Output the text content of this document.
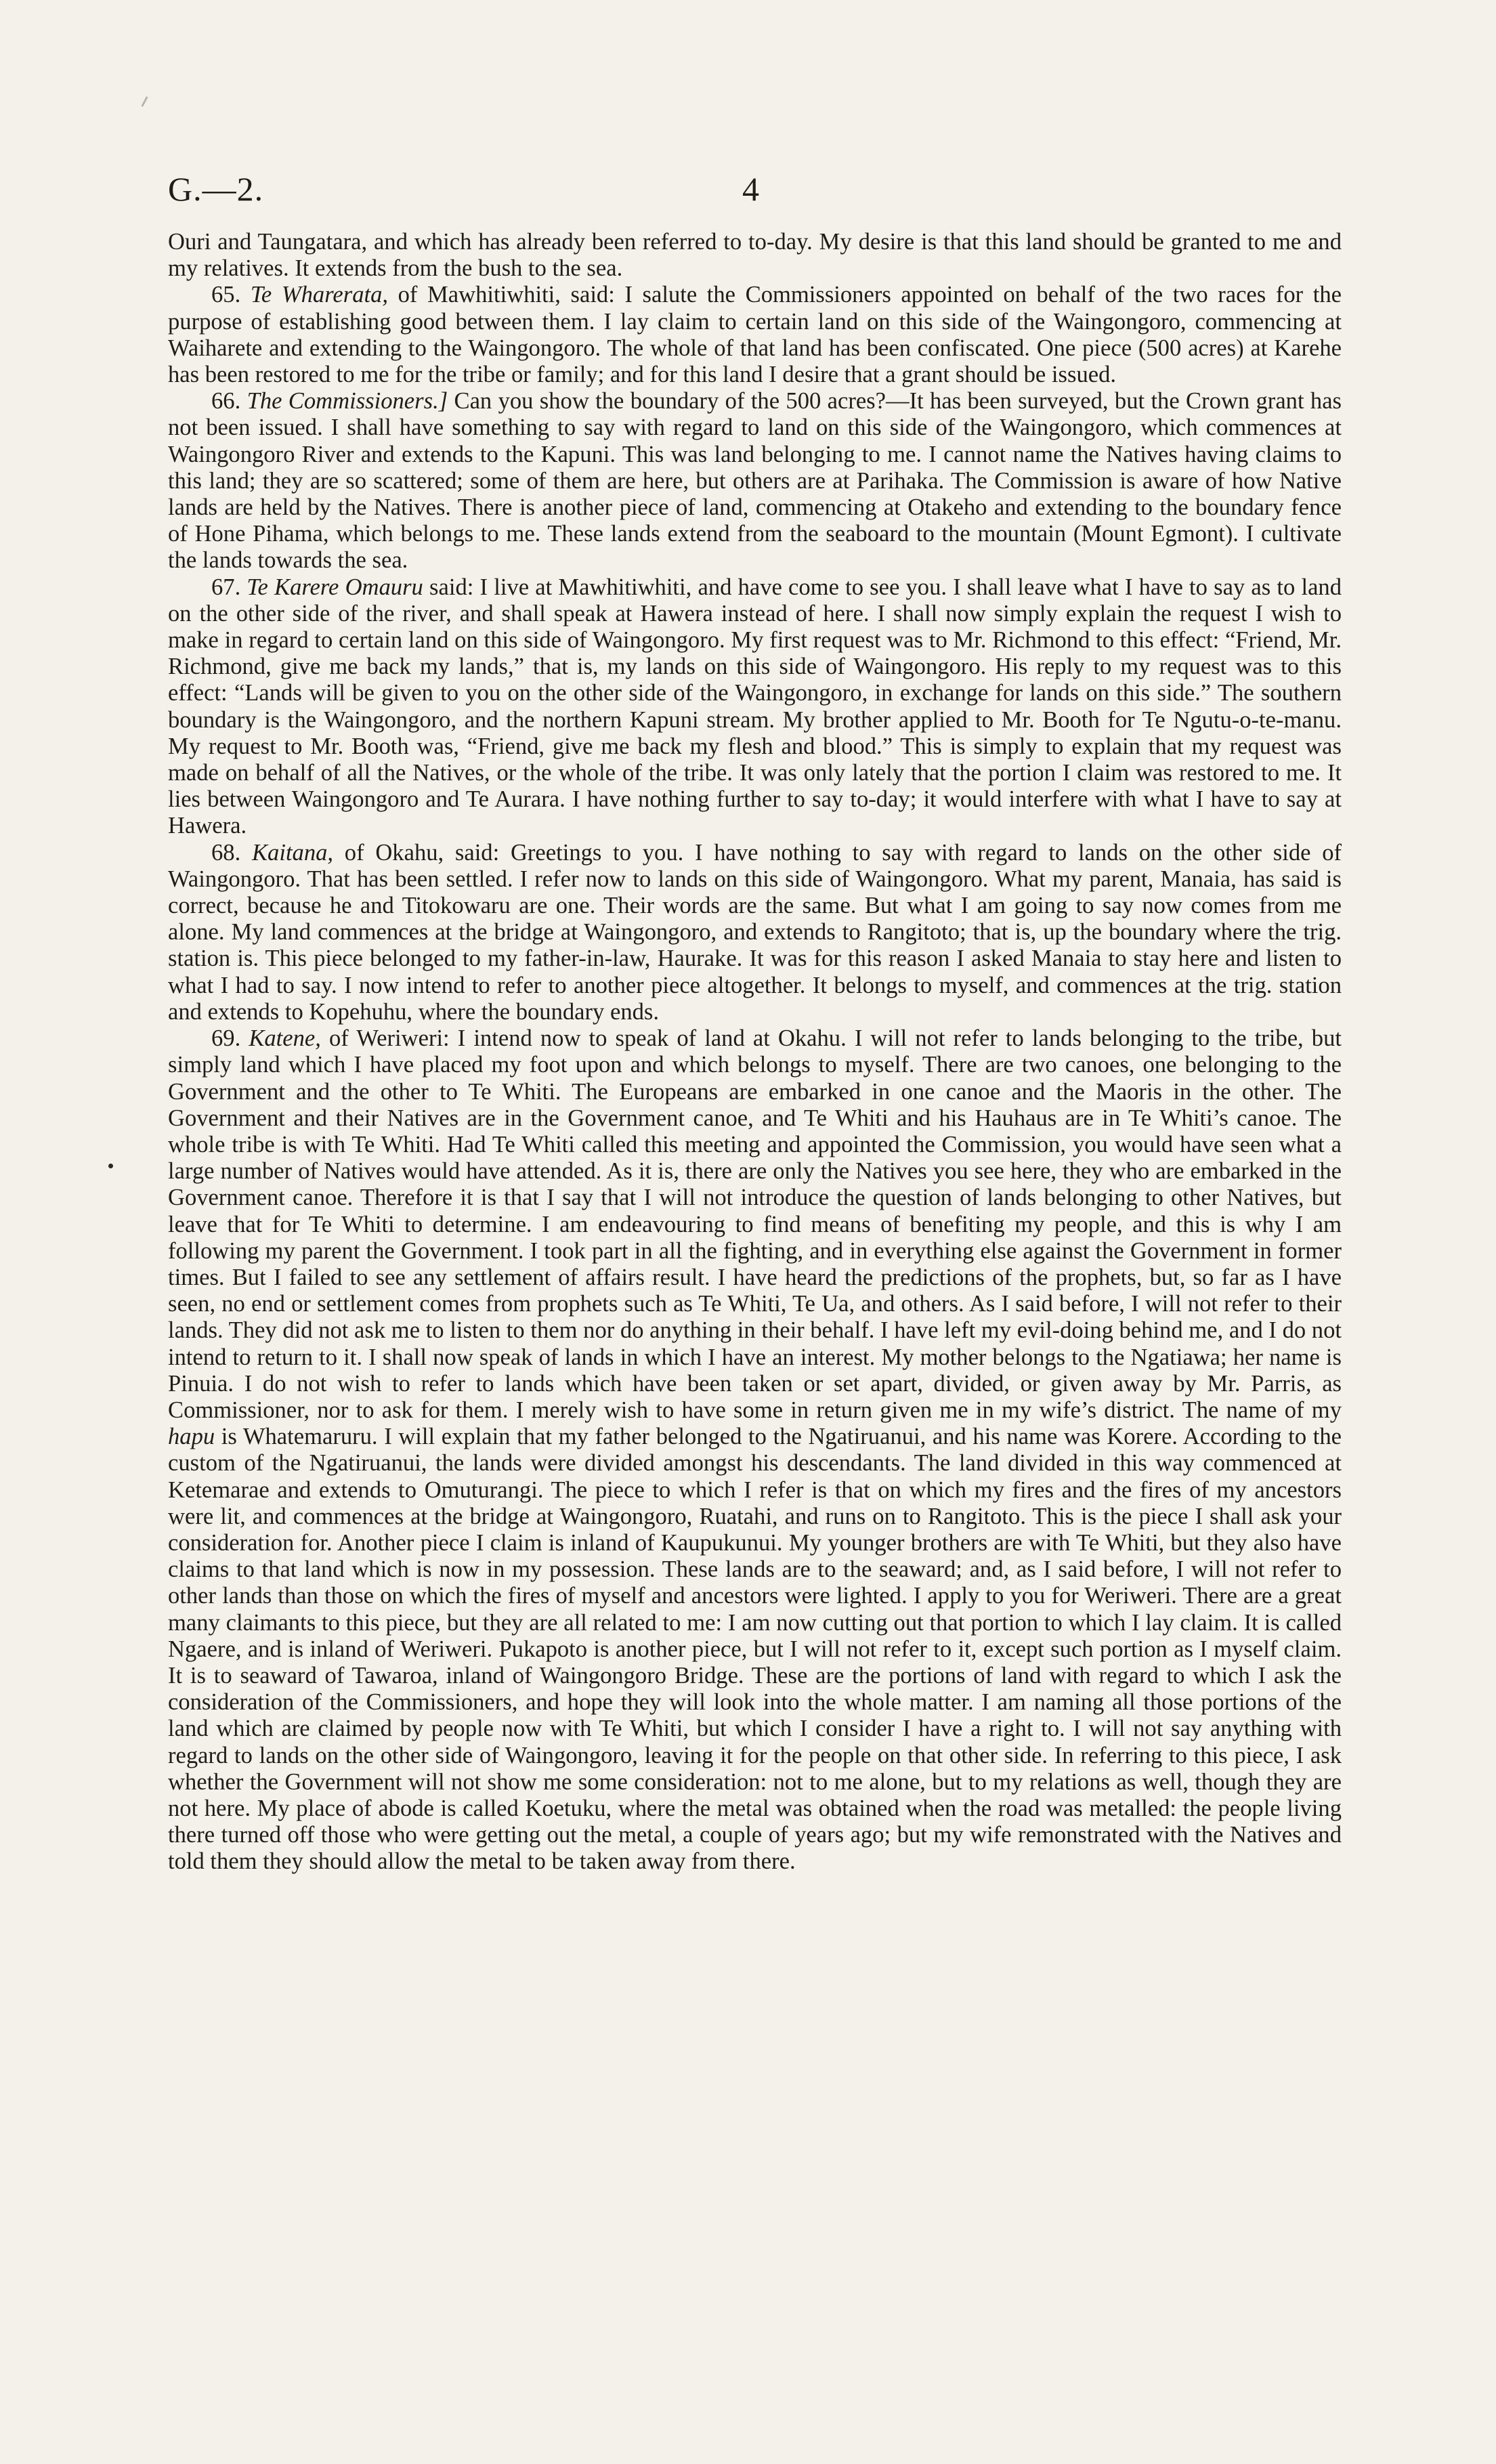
G.—2.	4

Ouri and Taungatara, and which has already been referred to to-day. My desire is that this land should be granted to me and my relatives. It extends from the bush to the sea.

65. Te Wharerata, of Mawhitiwhiti, said: I salute the Commissioners appointed on behalf of the two races for the purpose of establishing good between them. I lay claim to certain land on this side of the Waingongoro, commencing at Waiharete and extending to the Waingongoro. The whole of that land has been confiscated. One piece (500 acres) at Karehe has been restored to me for the tribe or family; and for this land I desire that a grant should be issued.

66. The Commissioners.] Can you show the boundary of the 500 acres?—It has been surveyed, but the Crown grant has not been issued. I shall have something to say with regard to land on this side of the Waingongoro, which commences at Waingongoro River and extends to the Kapuni. This was land belonging to me. I cannot name the Natives having claims to this land; they are so scattered; some of them are here, but others are at Parihaka. The Commission is aware of how Native lands are held by the Natives. There is another piece of land, commencing at Otakeho and extending to the boundary fence of Hone Pihama, which belongs to me. These lands extend from the seaboard to the mountain (Mount Egmont). I cultivate the lands towards the sea.

67. Te Karere Omauru said: I live at Mawhitiwhiti, and have come to see you. I shall leave what I have to say as to land on the other side of the river, and shall speak at Hawera instead of here. I shall now simply explain the request I wish to make in regard to certain land on this side of Waingongoro. My first request was to Mr. Richmond to this effect: “Friend, Mr. Richmond, give me back my lands,” that is, my lands on this side of Waingongoro. His reply to my request was to this effect: “Lands will be given to you on the other side of the Waingongoro, in exchange for lands on this side.” The southern boundary is the Waingongoro, and the northern Kapuni stream. My brother applied to Mr. Booth for Te Ngutu-o-te-manu. My request to Mr. Booth was, “Friend, give me back my flesh and blood.” This is simply to explain that my request was made on behalf of all the Natives, or the whole of the tribe. It was only lately that the portion I claim was restored to me. It lies between Waingongoro and Te Aurara. I have nothing further to say to-day; it would interfere with what I have to say at Hawera.

68. Kaitana, of Okahu, said: Greetings to you. I have nothing to say with regard to lands on the other side of Waingongoro. That has been settled. I refer now to lands on this side of Waingongoro. What my parent, Manaia, has said is correct, because he and Titokowaru are one. Their words are the same. But what I am going to say now comes from me alone. My land commences at the bridge at Waingongoro, and extends to Rangitoto; that is, up the boundary where the trig. station is. This piece belonged to my father-in-law, Haurake. It was for this reason I asked Manaia to stay here and listen to what I had to say. I now intend to refer to another piece altogether. It belongs to myself, and commences at the trig. station and extends to Kopehuhu, where the boundary ends.

69. Katene, of Weriweri: I intend now to speak of land at Okahu. I will not refer to lands belonging to the tribe, but simply land which I have placed my foot upon and which belongs to myself. There are two canoes, one belonging to the Government and the other to Te Whiti. The Europeans are embarked in one canoe and the Maoris in the other. The Government and their Natives are in the Government canoe, and Te Whiti and his Hauhaus are in Te Whiti’s canoe. The whole tribe is with Te Whiti. Had Te Whiti called this meeting and appointed the Commission, you would have seen what a large number of Natives would have attended. As it is, there are only the Natives you see here, they who are embarked in the Government canoe. Therefore it is that I say that I will not introduce the question of lands belonging to other Natives, but leave that for Te Whiti to determine. I am endeavouring to find means of benefiting my people, and this is why I am following my parent the Government. I took part in all the fighting, and in everything else against the Government in former times. But I failed to see any settlement of affairs result. I have heard the predictions of the prophets, but, so far as I have seen, no end or settlement comes from prophets such as Te Whiti, Te Ua, and others. As I said before, I will not refer to their lands. They did not ask me to listen to them nor do anything in their behalf. I have left my evil-doing behind me, and I do not intend to return to it. I shall now speak of lands in which I have an interest. My mother belongs to the Ngatiawa; her name is Pinuia. I do not wish to refer to lands which have been taken or set apart, divided, or given away by Mr. Parris, as Commissioner, nor to ask for them. I merely wish to have some in return given me in my wife’s district. The name of my hapu is Whatemaruru. I will explain that my father belonged to the Ngatiruanui, and his name was Korere. According to the custom of the Ngatiruanui, the lands were divided amongst his descendants. The land divided in this way commenced at Ketemarae and extends to Omuturangi. The piece to which I refer is that on which my fires and the fires of my ancestors were lit, and commences at the bridge at Waingongoro, Ruatahi, and runs on to Rangitoto. This is the piece I shall ask your consideration for. Another piece I claim is inland of Kaupukunui. My younger brothers are with Te Whiti, but they also have claims to that land which is now in my possession. These lands are to the seaward; and, as I said before, I will not refer to other lands than those on which the fires of myself and ancestors were lighted. I apply to you for Weriweri. There are a great many claimants to this piece, but they are all related to me: I am now cutting out that portion to which I lay claim. It is called Ngaere, and is inland of Weriweri. Pukapoto is another piece, but I will not refer to it, except such portion as I myself claim. It is to seaward of Tawaroa, inland of Waingongoro Bridge. These are the portions of land with regard to which I ask the consideration of the Commissioners, and hope they will look into the whole matter. I am naming all those portions of the land which are claimed by people now with Te Whiti, but which I consider I have a right to. I will not say anything with regard to lands on the other side of Waingongoro, leaving it for the people on that other side. In referring to this piece, I ask whether the Government will not show me some consideration: not to me alone, but to my relations as well, though they are not here. My place of abode is called Koetuku, where the metal was obtained when the road was metalled: the people living there turned off those who were getting out the metal, a couple of years ago; but my wife remonstrated with the Natives and told them they should allow the metal to be taken away from there.
